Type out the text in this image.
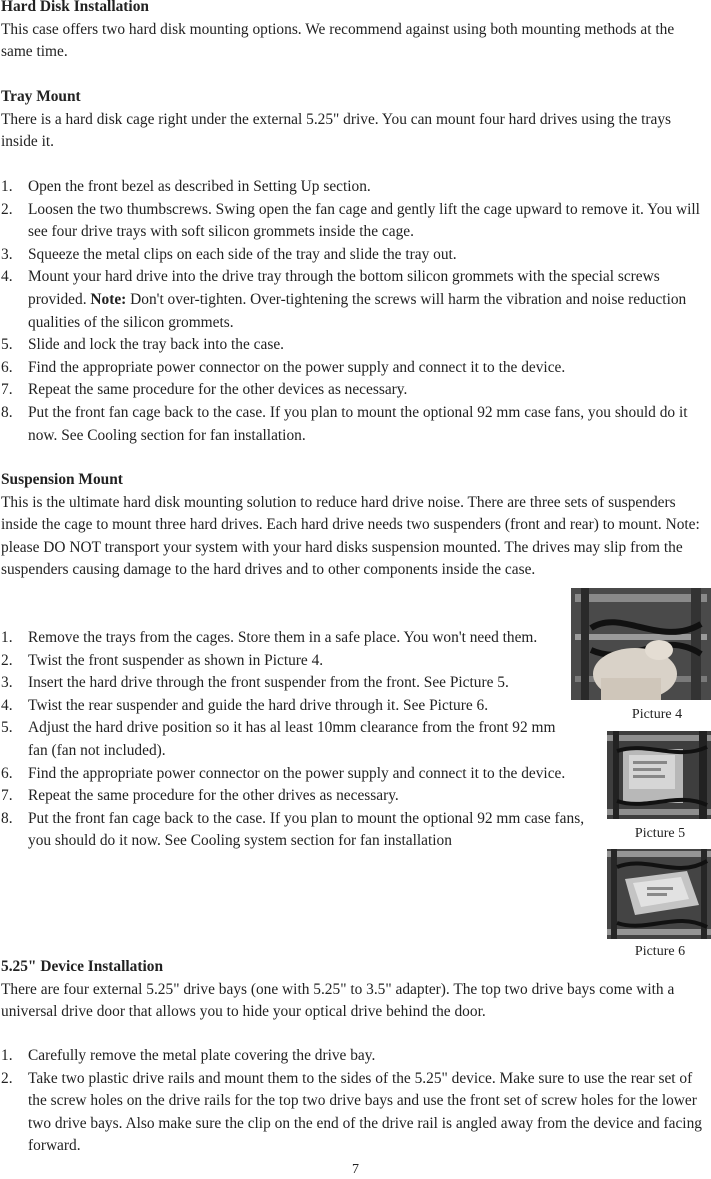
Hard Disk Installation
This case offers two hard disk mounting options. We recommend against using both mounting methods at the same time.
Tray Mount
There is a hard disk cage right under the external 5.25" drive. You can mount four hard drives using the trays inside it.
1. Open the front bezel as described in Setting Up section.
2. Loosen the two thumbscrews. Swing open the fan cage and gently lift the cage upward to remove it. You will see four drive trays with soft silicon grommets inside the cage.
3. Squeeze the metal clips on each side of the tray and slide the tray out.
4. Mount your hard drive into the drive tray through the bottom silicon grommets with the special screws provided. Note: Don't over-tighten. Over-tightening the screws will harm the vibration and noise reduction qualities of the silicon grommets.
5. Slide and lock the tray back into the case.
6. Find the appropriate power connector on the power supply and connect it to the device.
7. Repeat the same procedure for the other devices as necessary.
8. Put the front fan cage back to the case. If you plan to mount the optional 92 mm case fans, you should do it now. See Cooling section for fan installation.
Suspension Mount
This is the ultimate hard disk mounting solution to reduce hard drive noise. There are three sets of suspenders inside the cage to mount three hard drives. Each hard drive needs two suspenders (front and rear) to mount. Note: please DO NOT transport your system with your hard disks suspension mounted. The drives may slip from the suspenders causing damage to the hard drives and to other components inside the case.
1. Remove the trays from the cages. Store them in a safe place. You won't need them.
2. Twist the front suspender as shown in Picture 4.
3. Insert the hard drive through the front suspender from the front. See Picture 5.
4. Twist the rear suspender and guide the hard drive through it. See Picture 6.
5. Adjust the hard drive position so it has al least 10mm clearance from the front 92 mm fan (fan not included).
6. Find the appropriate power connector on the power supply and connect it to the device.
7. Repeat the same procedure for the other drives as necessary.
8. Put the front fan cage back to the case. If you plan to mount the optional 92 mm case fans, you should do it now. See Cooling system section for fan installation
Picture 4
Picture 5
Picture 6
5.25" Device Installation
There are four external 5.25" drive bays (one with 5.25" to 3.5" adapter). The top two drive bays come with a universal drive door that allows you to hide your optical drive behind the door.
1. Carefully remove the metal plate covering the drive bay.
2. Take two plastic drive rails and mount them to the sides of the 5.25" device. Make sure to use the rear set of the screw holes on the drive rails for the top two drive bays and use the front set of screw holes for the lower two drive bays. Also make sure the clip on the end of the drive rail is angled away from the device and facing forward.
7
